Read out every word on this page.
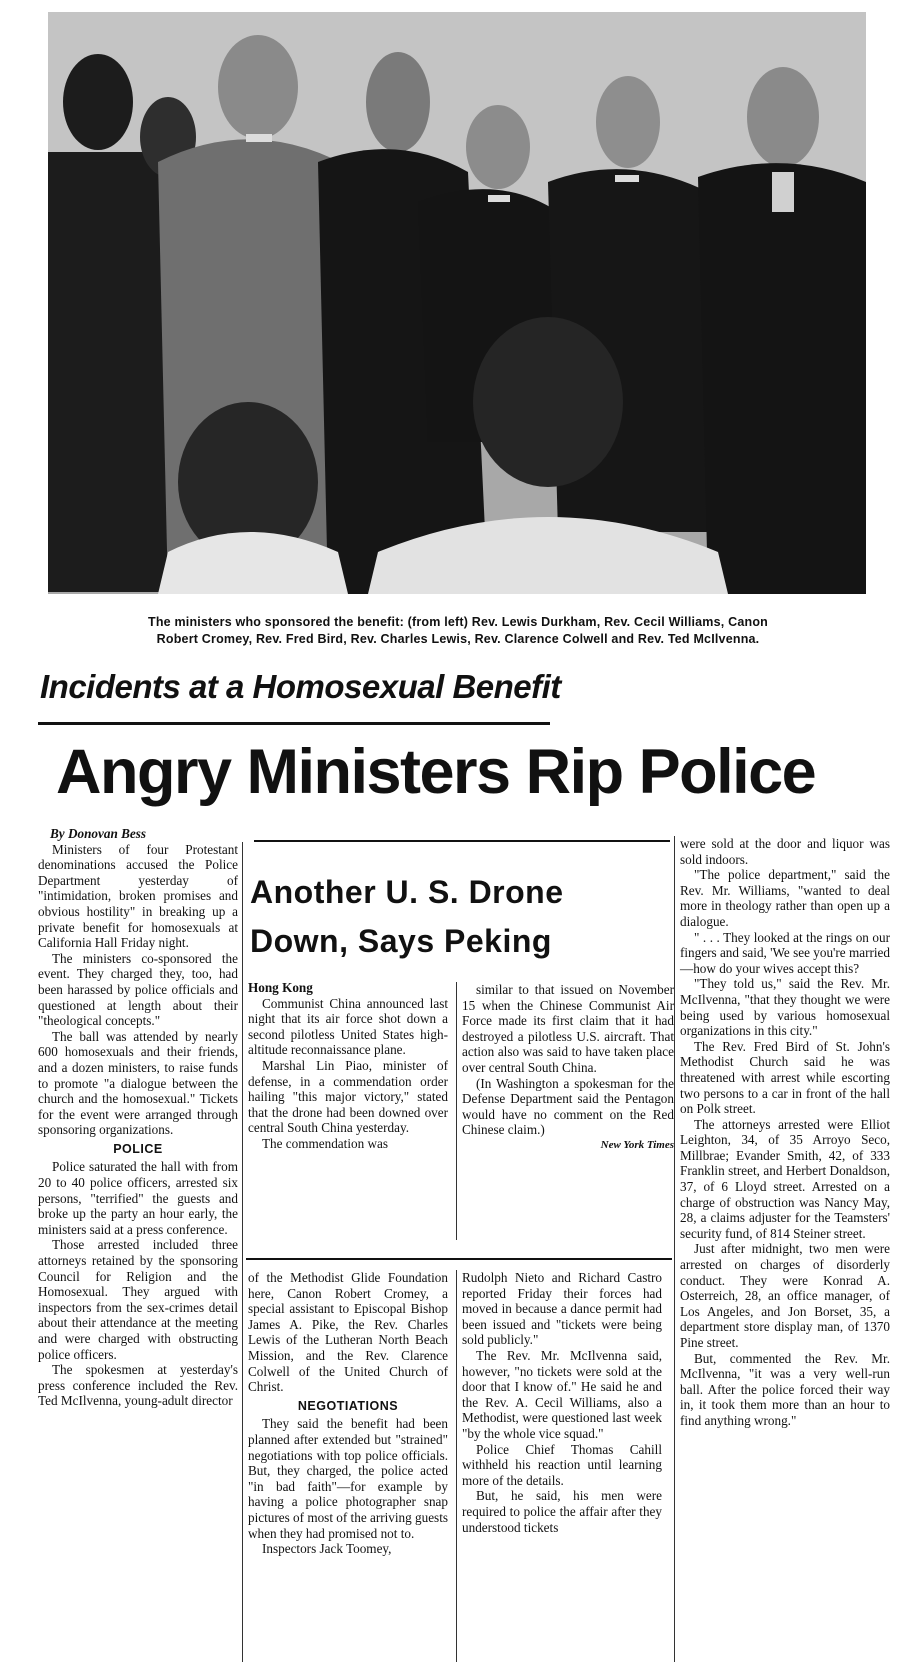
The ministers who sponsored the benefit: (from left) Rev. Lewis Durkham, Rev. Cecil Williams, Canon
Robert Cromey, Rev. Fred Bird, Rev. Charles Lewis, Rev. Clarence Colwell and Rev. Ted McIlvenna.
Incidents at a Homosexual Benefit
Angry Ministers Rip Police

By Donovan Bess

Ministers of four Protestant denominations accused the Police Department yesterday of "intimidation, broken promises and obvious hostility" in breaking up a private benefit for homosexuals at California Hall Friday night.

The ministers co-sponsored the event. They charged they, too, had been harassed by police officials and questioned at length about their "theological concepts."

The ball was attended by nearly 600 homosexuals and their friends, and a dozen ministers, to raise funds to promote "a dialogue between the church and the homosexual." Tickets for the event were arranged through sponsoring organizations.

POLICE

Police saturated the hall with from 20 to 40 police officers, arrested six persons, "terrified" the guests and broke up the party an hour early, the ministers said at a press conference.

Those arrested included three attorneys retained by the sponsoring Council for Religion and the Homosexual. They argued with inspectors from the sex-crimes detail about their attendance at the meeting and were charged with obstructing police officers.

The spokesmen at yesterday's press conference included the Rev. Ted McIlvenna, young-adult director

Another U. S. Drone
Down, Says Peking

Hong Kong

Communist China announced last night that its air force shot down a second pilotless United States high-altitude reconnaissance plane.

Marshal Lin Piao, minister of defense, in a commendation order hailing "this major victory," stated that the drone had been downed over central South China yesterday.

The commendation was

similar to that issued on November 15 when the Chinese Communist Air Force made its first claim that it had destroyed a pilotless U.S. aircraft. That action also was said to have taken place over central South China.

(In Washington a spokesman for the Defense Department said the Pentagon would have no comment on the Red Chinese claim.)

New York Times

of the Methodist Glide Foundation here, Canon Robert Cromey, a special assistant to Episcopal Bishop James A. Pike, the Rev. Charles Lewis of the Lutheran North Beach Mission, and the Rev. Clarence Colwell of the United Church of Christ.

NEGOTIATIONS

They said the benefit had been planned after extended but "strained" negotiations with top police officials. But, they charged, the police acted "in bad faith"—for example by having a police photographer snap pictures of most of the arriving guests when they had promised not to.

Inspectors Jack Toomey,

Rudolph Nieto and Richard Castro reported Friday their forces had moved in because a dance permit had been issued and "tickets were being sold publicly."

The Rev. Mr. McIlvenna said, however, "no tickets were sold at the door that I know of." He said he and the Rev. A. Cecil Williams, also a Methodist, were questioned last week "by the whole vice squad."

Police Chief Thomas Cahill withheld his reaction until learning more of the details.

But, he said, his men were required to police the affair after they understood tickets

were sold at the door and liquor was sold indoors.

"The police department," said the Rev. Mr. Williams, "wanted to deal more in theology rather than open up a dialogue.

" . . . They looked at the rings on our fingers and said, 'We see you're married—how do your wives accept this?

"They told us," said the Rev. Mr. McIlvenna, "that they thought we were being used by various homosexual organizations in this city."

The Rev. Fred Bird of St. John's Methodist Church said he was threatened with arrest while escorting two persons to a car in front of the hall on Polk street.

The attorneys arrested were Elliot Leighton, 34, of 35 Arroyo Seco, Millbrae; Evander Smith, 42, of 333 Franklin street, and Herbert Donaldson, 37, of 6 Lloyd street. Arrested on a charge of obstruction was Nancy May, 28, a claims adjuster for the Teamsters' security fund, of 814 Steiner street.

Just after midnight, two men were arrested on charges of disorderly conduct. They were Konrad A. Osterreich, 28, an office manager, of Los Angeles, and Jon Borset, 35, a department store display man, of 1370 Pine street.

But, commented the Rev. Mr. McIlvenna, "it was a very well-run ball. After the police forced their way in, it took them more than an hour to find anything wrong."
